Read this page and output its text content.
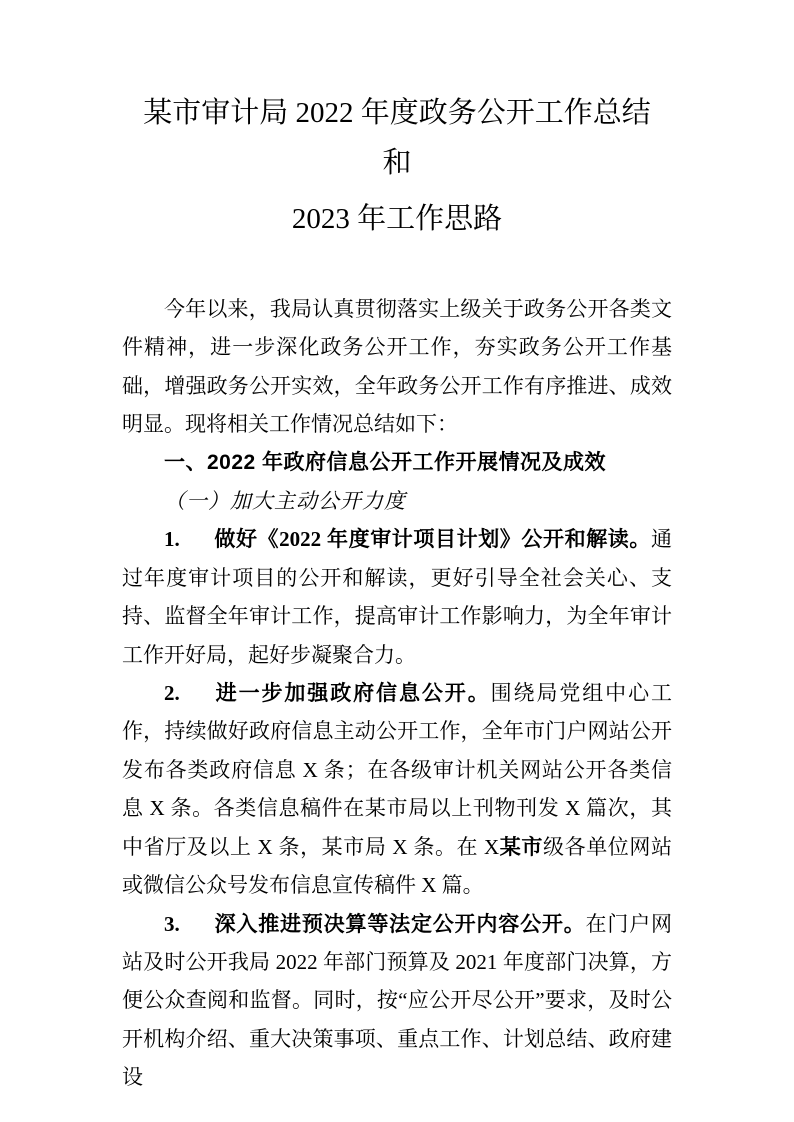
某市审计局 2022 年度政务公开工作总结
和
2023 年工作思路

今年以来，我局认真贯彻落实上级关于政务公开各类文件精神，进一步深化政务公开工作，夯实政务公开工作基础，增强政务公开实效，全年政务公开工作有序推进、成效明显。现将相关工作情况总结如下：

一、2022 年政府信息公开工作开展情况及成效

（一）加大主动公开力度

1. 做好《2022 年度审计项目计划》公开和解读。通过年度审计项目的公开和解读，更好引导全社会关心、支持、监督全年审计工作，提高审计工作影响力，为全年审计工作开好局，起好步凝聚合力。

2. 进一步加强政府信息公开。围绕局党组中心工作，持续做好政府信息主动公开工作，全年市门户网站公开发布各类政府信息 X 条；在各级审计机关网站公开各类信息 X 条。各类信息稿件在某市局以上刊物刊发 X 篇次，其中省厅及以上 X 条，某市局 X 条。在 X某市级各单位网站或微信公众号发布信息宣传稿件 X 篇。

3. 深入推进预决算等法定公开内容公开。在门户网站及时公开我局 2022 年部门预算及 2021 年度部门决算，方便公众查阅和监督。同时，按“应公开尽公开”要求，及时公开机构介绍、重大决策事项、重点工作、计划总结、政府建设
